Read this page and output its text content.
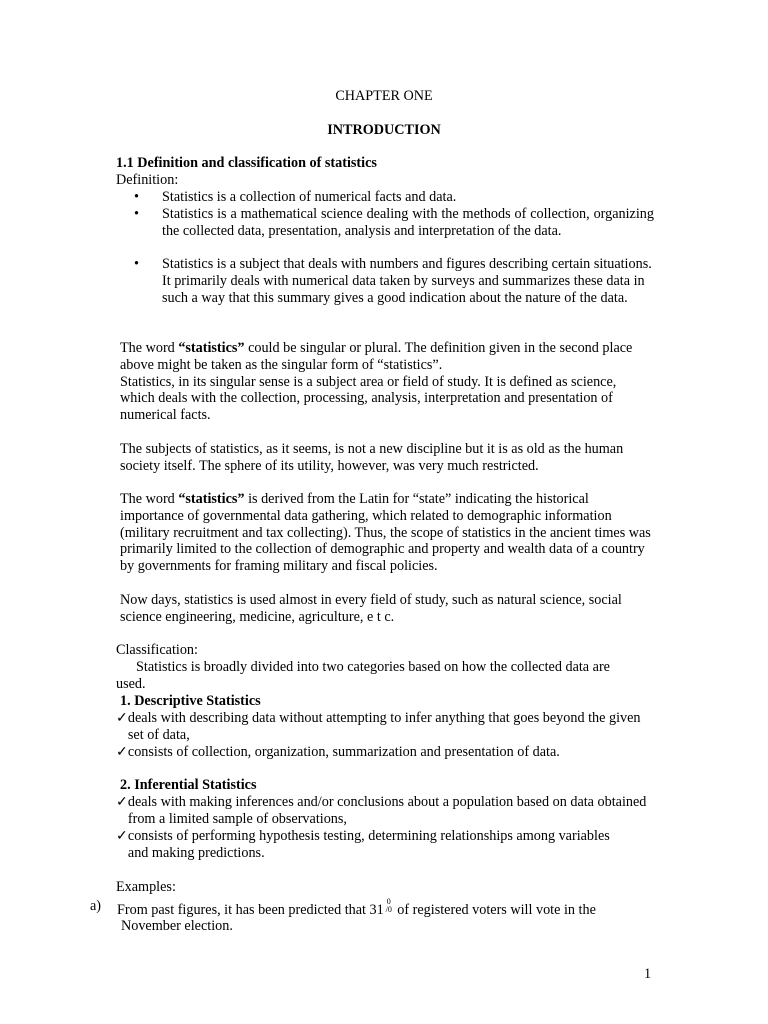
CHAPTER ONE
INTRODUCTION
1.1 Definition and classification of statistics
Definition:
• Statistics is a collection of numerical facts and data.
• Statistics is a mathematical science dealing with the methods of collection, organizing the collected data, presentation, analysis and interpretation of the data.
• Statistics is a subject that deals with numbers and figures describing certain situations. It primarily deals with numerical data taken by surveys and summarizes these data in such a way that this summary gives a good indication about the nature of the data.

The word “statistics” could be singular or plural. The definition given in the second place above might be taken as the singular form of “statistics”.

Statistics, in its singular sense is a subject area or field of study. It is defined as science, which deals with the collection, processing, analysis, interpretation and presentation of numerical facts.

The subjects of statistics, as it seems, is not a new discipline but it is as old as the human society itself. The sphere of its utility, however, was very much restricted.

The word “statistics” is derived from the Latin for “state” indicating the historical importance of governmental data gathering, which related to demographic information (military recruitment and tax collecting). Thus, the scope of statistics in the ancient times was primarily limited to the collection of demographic and property and wealth data of a country by governments for framing military and fiscal policies.

Now days, statistics is used almost in every field of study, such as natural science, social science engineering, medicine, agriculture, e t c.
Classification:
Statistics is broadly divided into two categories based on how the collected data are used.
1. Descriptive Statistics
✓ deals with describing data without attempting to infer anything that goes beyond the given set of data,
✓ consists of collection, organization, summarization and presentation of data.
2. Inferential Statistics
✓ deals with making inferences and/or conclusions about a population based on data obtained from a limited sample of observations,
✓ consists of performing hypothesis testing, determining relationships among variables and making predictions.
Examples:
a) From past figures, it has been predicted that 310
/0 of registered voters will vote in the
November election.
1
